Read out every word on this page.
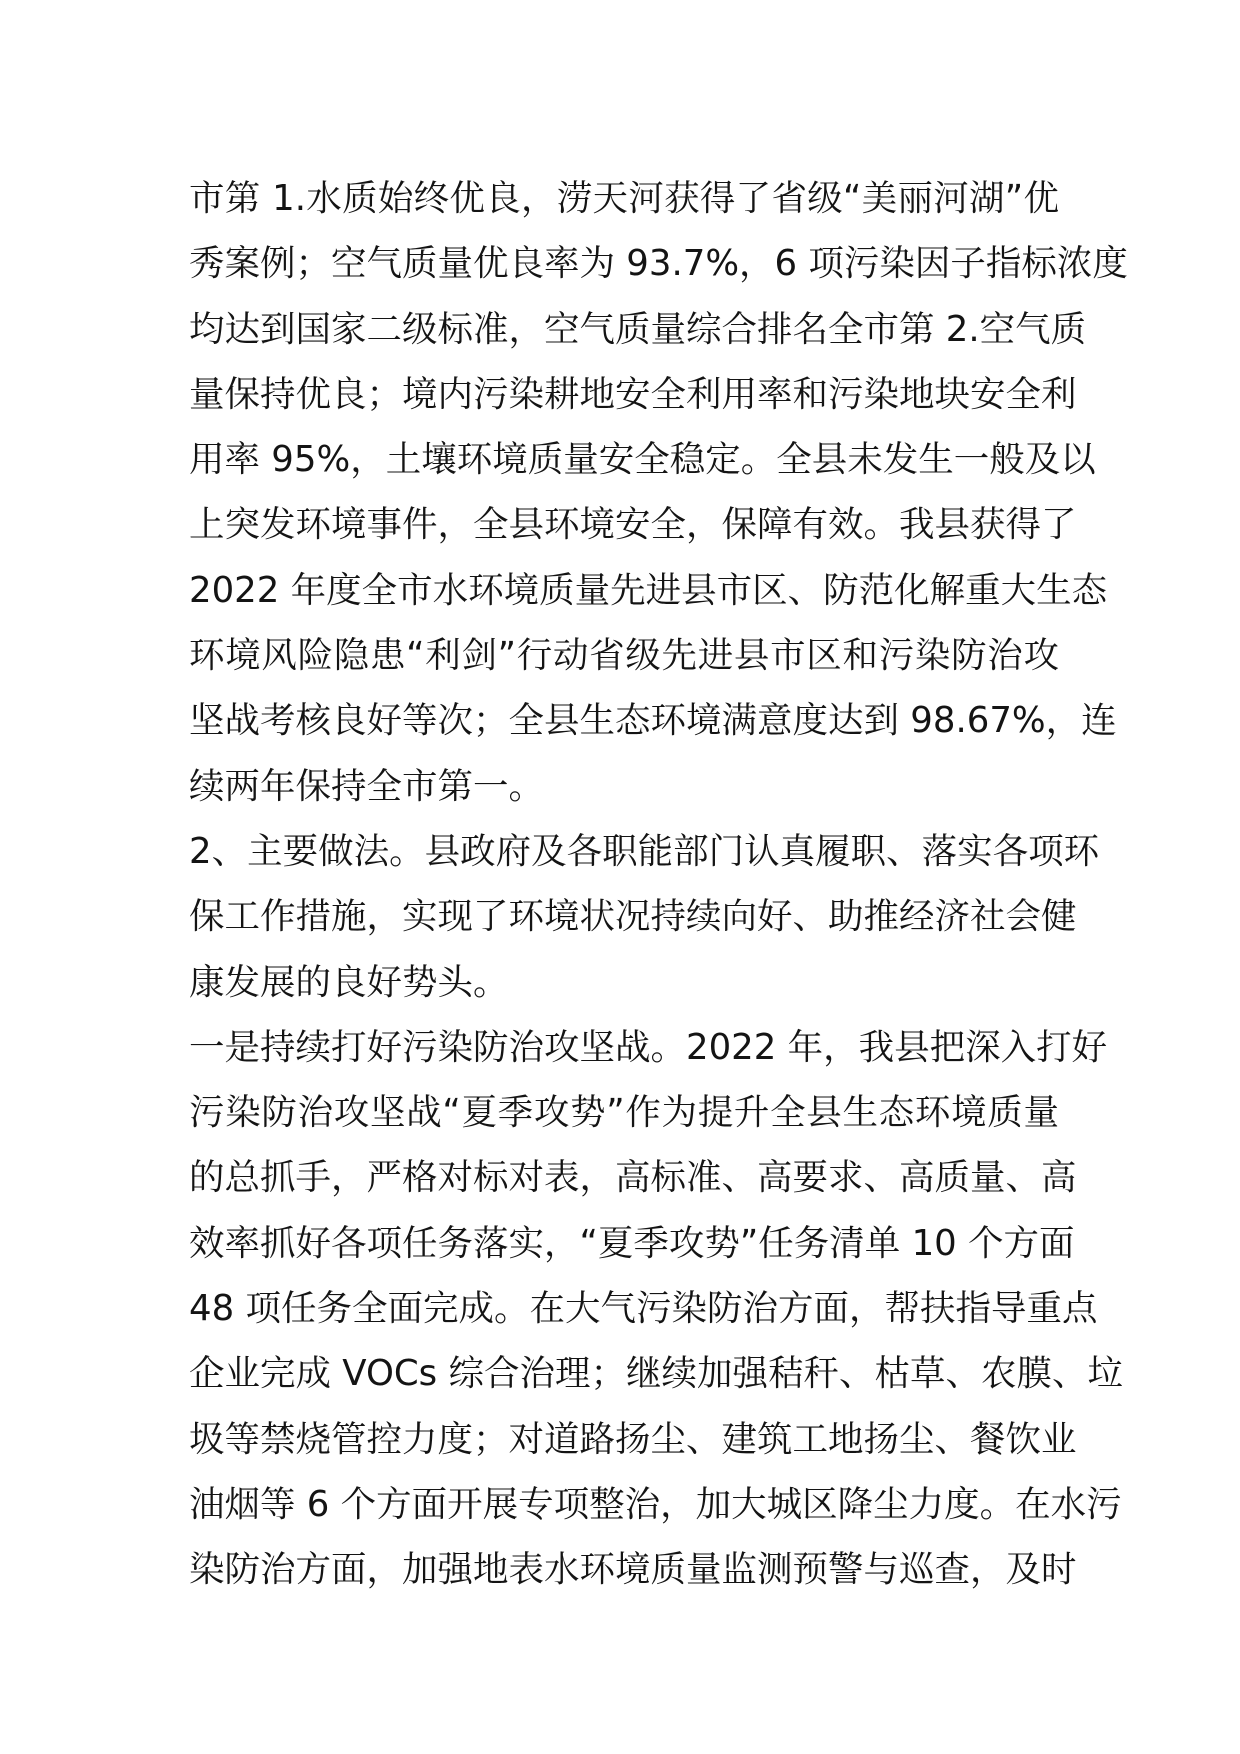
市第 1.水质始终优良，涝天河获得了省级“美丽河湖”优
秀案例；空气质量优良率为 93.7%，6 项污染因子指标浓度
均达到国家二级标准，空气质量综合排名全市第 2.空气质
量保持优良；境内污染耕地安全利用率和污染地块安全利
用率 95%，土壤环境质量安全稳定。全县未发生一般及以
上突发环境事件，全县环境安全，保障有效。我县获得了
2022 年度全市水环境质量先进县市区、防范化解重大生态
环境风险隐患“利剑”行动省级先进县市区和污染防治攻
坚战考核良好等次；全县生态环境满意度达到 98.67%，连
续两年保持全市第一。
2、主要做法。县政府及各职能部门认真履职、落实各项环
保工作措施，实现了环境状况持续向好、助推经济社会健
康发展的良好势头。
一是持续打好污染防治攻坚战。2022 年，我县把深入打好
污染防治攻坚战“夏季攻势”作为提升全县生态环境质量
的总抓手，严格对标对表，高标准、高要求、高质量、高
效率抓好各项任务落实，“夏季攻势”任务清单 10 个方面
48 项任务全面完成。在大气污染防治方面，帮扶指导重点
企业完成 VOCs 综合治理；继续加强秸秆、枯草、农膜、垃
圾等禁烧管控力度；对道路扬尘、建筑工地扬尘、餐饮业
油烟等 6 个方面开展专项整治，加大城区降尘力度。在水污
染防治方面，加强地表水环境质量监测预警与巡查，及时
